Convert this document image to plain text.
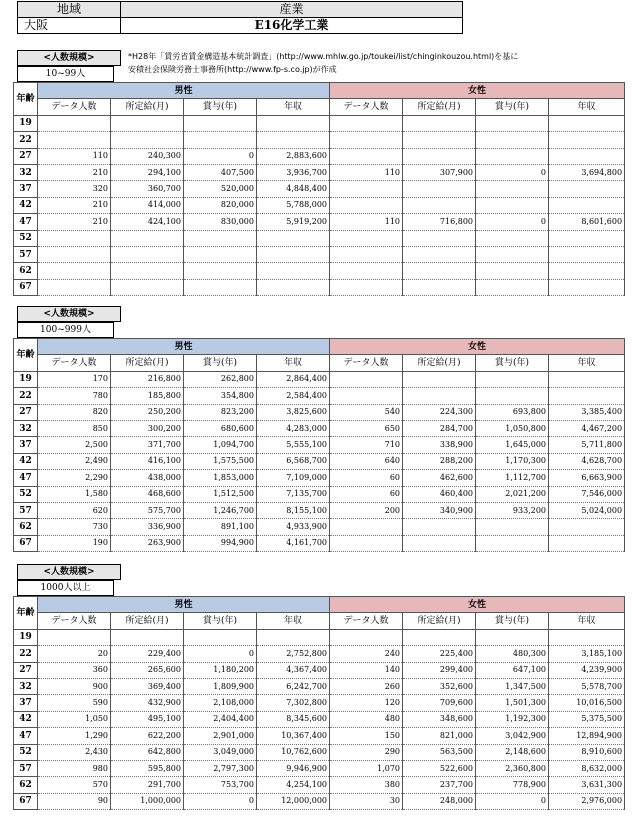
地域	産業
大阪	E16化学工業
*H28年「賃労省賃金構造基本統計調査」(http://www.mhlw.go.jp/toukei/list/chinginkouzou.html)を基に
安積社会保険労務士事務所(http://www.fp-s.co.jp)が作成
<人数規模>
10~99人
年齢	男性				女性			
	データ人数	所定給(月)	賞与(年)	年収	データ人数	所定給(月)	賞与(年)	年収
19								
22								
27	110	240,300	0	2,883,600				
32	210	294,100	407,500	3,936,700	110	307,900	0	3,694,800
37	320	360,700	520,000	4,848,400				
42	210	414,000	820,000	5,788,000				
47	210	424,100	830,000	5,919,200	110	716,800	0	8,601,600
52								
57								
62								
67								
<人数規模>
100~999人
年齢	男性				女性			
	データ人数	所定給(月)	賞与(年)	年収	データ人数	所定給(月)	賞与(年)	年収
19	170	216,800	262,800	2,864,400				
22	780	185,800	354,800	2,584,400				
27	820	250,200	823,200	3,825,600	540	224,300	693,800	3,385,400
32	850	300,200	680,600	4,283,000	650	284,700	1,050,800	4,467,200
37	2,500	371,700	1,094,700	5,555,100	710	338,900	1,645,000	5,711,800
42	2,490	416,100	1,575,500	6,568,700	640	288,200	1,170,300	4,628,700
47	2,290	438,000	1,853,000	7,109,000	60	462,600	1,112,700	6,663,900
52	1,580	468,600	1,512,500	7,135,700	60	460,400	2,021,200	7,546,000
57	620	575,700	1,246,700	8,155,100	200	340,900	933,200	5,024,000
62	730	336,900	891,100	4,933,900				
67	190	263,900	994,900	4,161,700				
<人数規模>
1000人以上
年齢	男性				女性			
	データ人数	所定給(月)	賞与(年)	年収	データ人数	所定給(月)	賞与(年)	年収
19								
22	20	229,400	0	2,752,800	240	225,400	480,300	3,185,100
27	360	265,600	1,180,200	4,367,400	140	299,400	647,100	4,239,900
32	900	369,400	1,809,900	6,242,700	260	352,600	1,347,500	5,578,700
37	590	432,900	2,108,000	7,302,800	120	709,600	1,501,300	10,016,500
42	1,050	495,100	2,404,400	8,345,600	480	348,600	1,192,300	5,375,500
47	1,290	622,200	2,901,000	10,367,400	150	821,000	3,042,900	12,894,900
52	2,430	642,800	3,049,000	10,762,600	290	563,500	2,148,600	8,910,600
57	980	595,800	2,797,300	9,946,900	1,070	522,600	2,360,800	8,632,000
62	570	291,700	753,700	4,254,100	380	237,700	778,900	3,631,300
67	90	1,000,000	0	12,000,000	30	248,000	0	2,976,000
